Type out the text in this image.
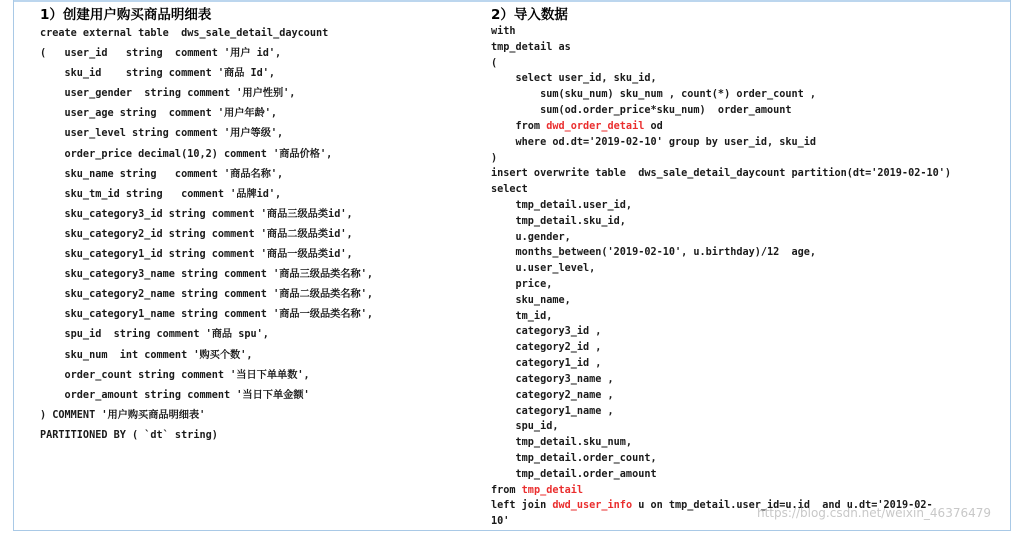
1）创建用户购买商品明细表	2）导入数据
create external table  dws_sale_detail_daycount
(   user_id   string  comment '用户 id',
sku_id    string comment '商品 Id',
user_gender  string comment '用户性别',
user_age string  comment '用户年龄',
user_level string comment '用户等级',
order_price decimal(10,2) comment '商品价格',
sku_name string   comment '商品名称',
sku_tm_id string   comment '品牌id',
sku_category3_id string comment '商品三级品类id',
sku_category2_id string comment '商品二级品类id',
sku_category1_id string comment '商品一级品类id',
sku_category3_name string comment '商品三级品类名称',
sku_category2_name string comment '商品二级品类名称',
sku_category1_name string comment '商品一级品类名称',
spu_id  string comment '商品 spu',
sku_num  int comment '购买个数',
order_count string comment '当日下单单数',
order_amount string comment '当日下单金额'
) COMMENT '用户购买商品明细表'
PARTITIONED BY ( `dt` string)
with
tmp_detail as
(
select user_id, sku_id,
sum(sku_num) sku_num , count(*) order_count ,
sum(od.order_price*sku_num)  order_amount
from dwd_order_detail od
where od.dt='2019-02-10' group by user_id, sku_id
)
insert overwrite table  dws_sale_detail_daycount partition(dt='2019-02-10')
select
tmp_detail.user_id,
tmp_detail.sku_id,
u.gender,
months_between('2019-02-10', u.birthday)/12  age,
u.user_level,
price,
sku_name,
tm_id,
category3_id ,
category2_id ,
category1_id ,
category3_name ,
category2_name ,
category1_name ,
spu_id,
tmp_detail.sku_num,
tmp_detail.order_count,
tmp_detail.order_amount
from tmp_detail
left join dwd_user_info u on tmp_detail.user_id=u.id  and u.dt='2019-02-
10'
https://blog.csdn.net/weixin_46376479
